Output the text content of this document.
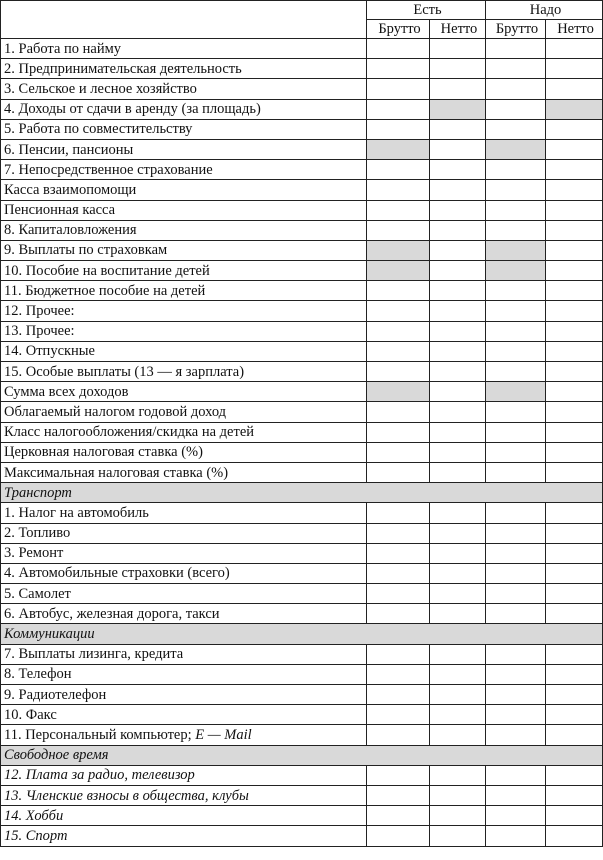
	Есть		Надо	
	Брутто	Нетто	Брутто	Нетто
1. Работа по найму				
2. Предпринимательская деятельность				
3. Сельское и лесное хозяйство				
4. Доходы от сдачи в аренду (за площадь)				
5. Работа по совместительству				
6. Пенсии, пансионы				
7. Непосредственное страхование				
Касса взаимопомощи				
Пенсионная касса				
8. Капиталовложения				
9. Выплаты по страховкам				
10. Пособие на воспитание детей				
11. Бюджетное пособие на детей				
12. Прочее:				
13. Прочее:				
14. Отпускные				
15. Особые выплаты (13 — я зарплата)				
Сумма всех доходов				
Облагаемый налогом годовой доход				
Класс налогообложения/скидка на детей				
Церковная налоговая ставка (%)				
Максимальная налоговая ставка (%)				
Транспорт				
1. Налог на автомобиль				
2. Топливо				
3. Ремонт				
4. Автомобильные страховки (всего)				
5. Самолет				
6. Автобус, железная дорога, такси				
Коммуникации				
7. Выплаты лизинга, кредита				
8. Телефон				
9. Радиотелефон				
10. Факс				
11. Персональный компьютер; E — Mail				
Свободное время				
12. Плата за радио, телевизор				
13. Членские взносы в общества, клубы				
14. Хобби				
15. Спорт				
